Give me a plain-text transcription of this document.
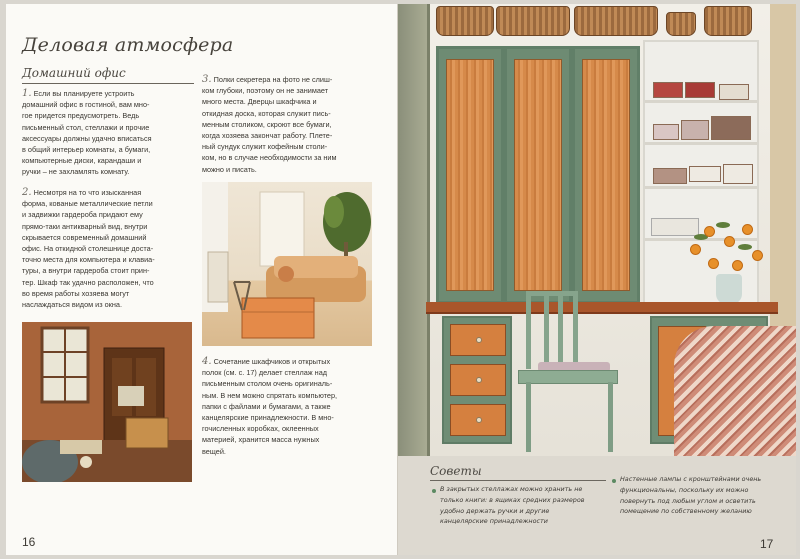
Деловая атмосфера
Домашний офис
1. Если вы планируете устроить
домашний офис в гостиной, вам мно-
гое придется предусмотреть. Ведь
письменный стол, стеллажи и прочие
аксессуары должны удачно вписаться
в общий интерьер комнаты, а бумаги,
компьютерные диски, карандаши и
ручки – не захламлять комнату.
2. Несмотря на то что изысканная
форма, кованые металлические петли
и задвижки гардероба придают ему
прямо-таки антикварный вид, внутри
скрывается современный домашний
офис. На откидной столешнице доста-
точно места для компьютера и клавиа-
туры, а внутри гардероба стоит прин-
тер. Шкаф так удачно расположен, что
во время работы хозяева могут
наслаждаться видом из окна.
3. Полки секретера на фото не слиш-
ком глубоки, поэтому он не занимает
много места. Дверцы шкафчика и
откидная доска, которая служит пись-
менным столиком, скроют все бумаги,
когда хозяева закончат работу. Плете-
ный сундук служит кофейным столи-
ком, но в случае необходимости за ним
можно и писать.
4. Сочетание шкафчиков и открытых
полок (см. с. 17) делает стеллаж над
письменным столом очень оригиналь-
ным. В нем можно спрятать компьютер,
папки с файлами и бумагами, а также
канцелярские принадлежности. В мно-
гочисленных коробках, оклеенных
материей, хранится масса нужных
вещей.
16
Советы
В закрытых стеллажах можно хранить не
только книги: в ящиках средних размеров
удобно держать ручки и другие
канцелярские принадлежности
Настенные лампы с кронштейнами очень
функциональны, поскольку их можно
повернуть под любым углом и осветить
помещение по собственному желанию
17
